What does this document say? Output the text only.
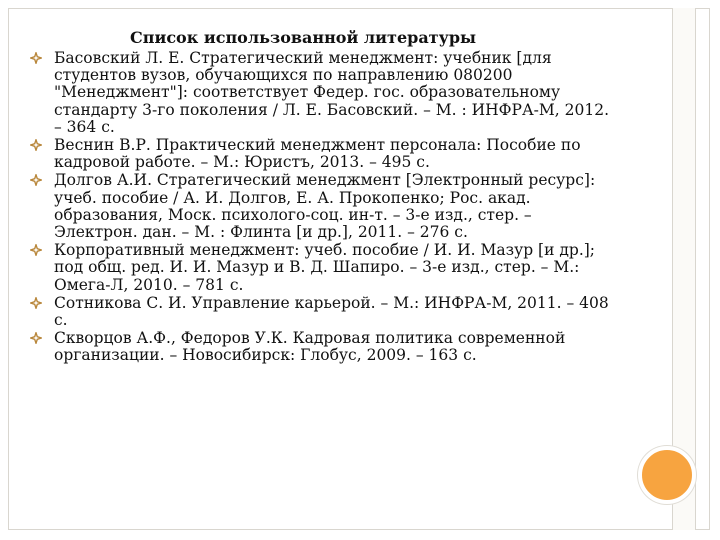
Список использованной литературы
Басовский Л. Е. Стратегический менеджмент: учебник [для студентов вузов, обучающихся по направлению 080200 "Менеджмент"]: соответствует Федер. гос. образовательному стандарту 3-го поколения / Л. Е. Басовский. – М. : ИНФРА-М, 2012. – 364 с.
Веснин В.Р. Практический менеджмент персонала: Пособие по кадровой работе. – М.: Юристъ, 2013. – 495 с.
Долгов А.И. Стратегический менеджмент [Электронный ресурс]: учеб. пособие / А. И. Долгов, Е. А. Прокопенко; Рос. акад. образования, Моск. психолого-соц. ин-т. – 3-е изд., стер. – Электрон. дан. – М. : Флинта [и др.], 2011. – 276 с.
Корпоративный менеджмент: учеб. пособие / И. И. Мазур [и др.]; под общ. ред. И. И. Мазур и В. Д. Шапиро. – 3-е изд., стер. – М.: Омега-Л, 2010. – 781 с.
Сотникова С. И. Управление карьерой. – М.: ИНФРА-М, 2011. – 408 с.
Скворцов А.Ф., Федоров У.К. Кадровая политика современной организации. – Новосибирск: Глобус, 2009. – 163 с.
